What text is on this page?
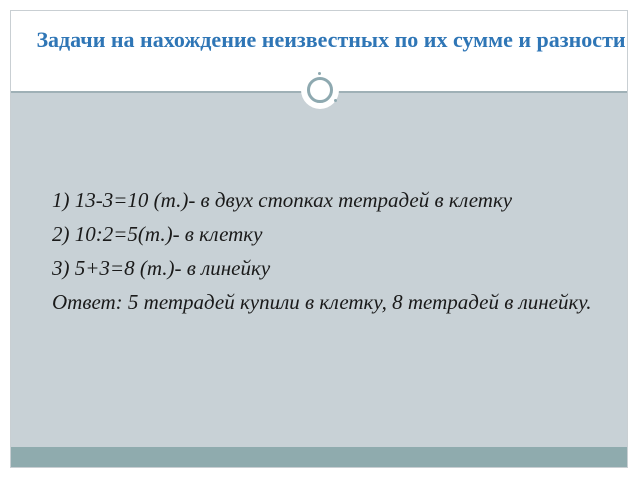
Задачи на нахождение неизвестных по их сумме и разности
1) 13-3=10 (т.)- в двух стопках тетрадей в клетку
2) 10:2=5(т.)- в клетку
3) 5+3=8 (т.)- в линейку
Ответ: 5 тетрадей купили в клетку, 8 тетрадей в линейку.
